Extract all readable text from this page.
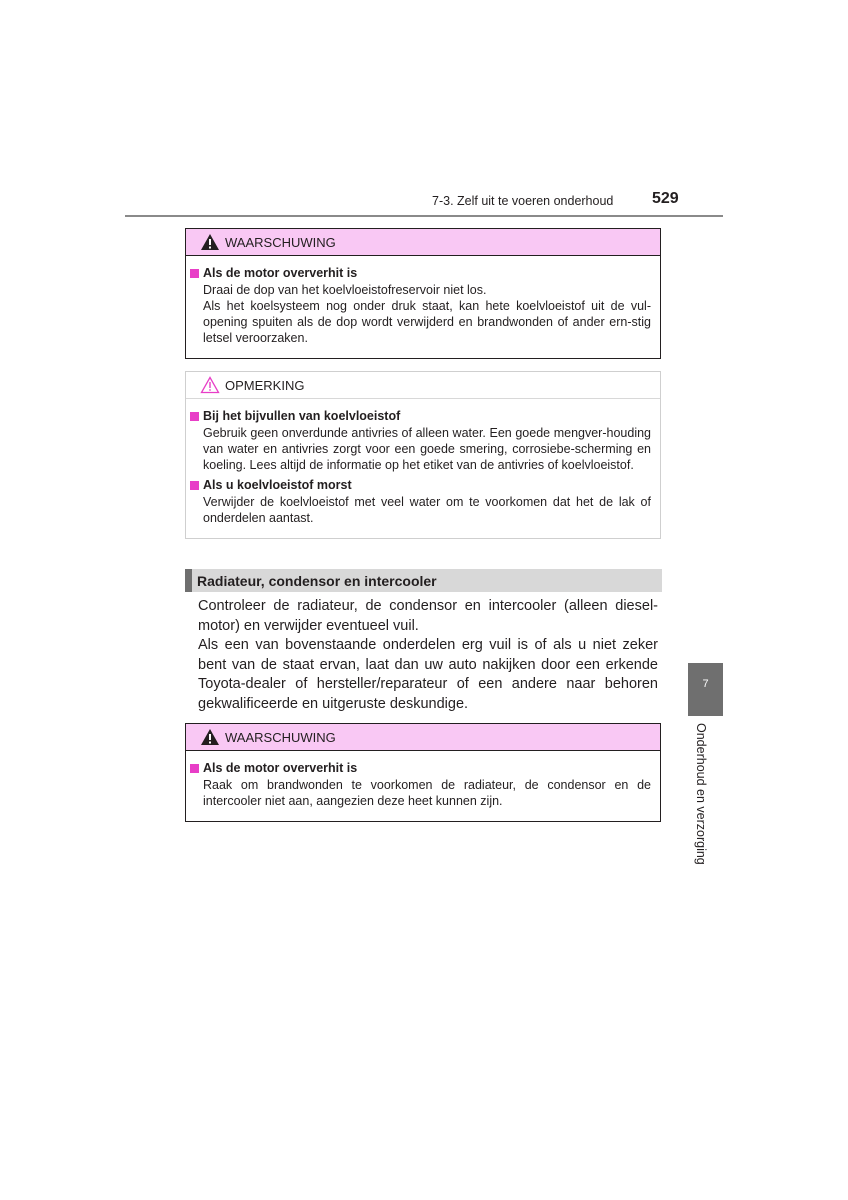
7-3. Zelf uit te voeren onderhoud 529
WAARSCHUWING
Als de motor oververhit is
Draai de dop van het koelvloeistofreservoir niet los.
Als het koelsysteem nog onder druk staat, kan hete koelvloeistof uit de vul-opening spuiten als de dop wordt verwijderd en brandwonden of ander ern-stig letsel veroorzaken.
OPMERKING
Bij het bijvullen van koelvloeistof
Gebruik geen onverdunde antivries of alleen water. Een goede mengver-houding van water en antivries zorgt voor een goede smering, corrosiebe-scherming en koeling. Lees altijd de informatie op het etiket van de antivries of koelvloeistof.
Als u koelvloeistof morst
Verwijder de koelvloeistof met veel water om te voorkomen dat het de lak of onderdelen aantast.
Radiateur, condensor en intercooler

Controleer de radiateur, de condensor en intercooler (alleen diesel-motor) en verwijder eventueel vuil.

Als een van bovenstaande onderdelen erg vuil is of als u niet zeker bent van de staat ervan, laat dan uw auto nakijken door een erkende Toyota-dealer of hersteller/reparateur of een andere naar behoren gekwalificeerde en uitgeruste deskundige.

WAARSCHUWING
Als de motor oververhit is
Raak om brandwonden te voorkomen de radiateur, de condensor en de intercooler niet aan, aangezien deze heet kunnen zijn.
7
Onderhoud en verzorging
